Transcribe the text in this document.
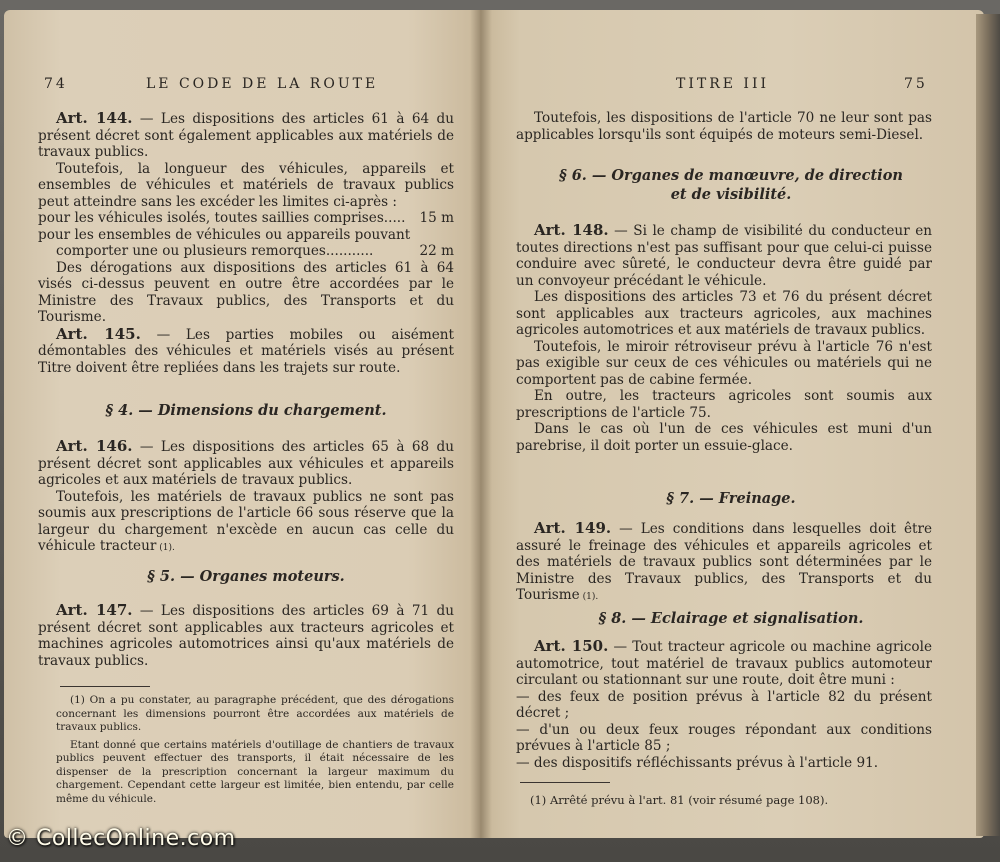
74	LE CODE DE LA ROUTE

Art. 144. — Les dispositions des articles 61 à 64 du présent décret sont également applicables aux matériels de travaux publics.

Toutefois, la longueur des véhicules, appareils et ensembles de véhicules et matériels de travaux publics peut atteindre sans les excéder les limites ci-après :

pour les véhicules isolés, toutes saillies comprises..... 15 m

pour les ensembles de véhicules ou appareils pouvant

comporter une ou plusieurs remorques...........	22 m

Des dérogations aux dispositions des articles 61 à 64 visés ci-dessus peuvent en outre être accordées par le Ministre des Travaux publics, des Transports et du Tourisme.

Art. 145. — Les parties mobiles ou aisément démontables des véhicules et matériels visés au présent Titre doivent être repliées dans les trajets sur route.

§ 4. — Dimensions du chargement.

Art. 146. — Les dispositions des articles 65 à 68 du présent décret sont applicables aux véhicules et appareils agricoles et aux matériels de travaux publics.

Toutefois, les matériels de travaux publics ne sont pas soumis aux prescriptions de l'article 66 sous réserve que la largeur du chargement n'excède en aucun cas celle du véhicule tracteur (1).

§ 5. — Organes moteurs.

Art. 147. — Les dispositions des articles 69 à 71 du présent décret sont applicables aux tracteurs agricoles et machines agricoles automotrices ainsi qu'aux matériels de travaux publics.

(1) On a pu constater, au paragraphe précédent, que des dérogations concernant les dimensions pourront être accordées aux matériels de travaux publics.

Etant donné que certains matériels d'outillage de chantiers de travaux publics peuvent effectuer des transports, il était nécessaire de les dispenser de la prescription concernant la largeur maximum du chargement. Cependant cette largeur est limitée, bien entendu, par celle même du véhicule.

TITRE III	75

Toutefois, les dispositions de l'article 70 ne leur sont pas applicables lorsqu'ils sont équipés de moteurs semi-Diesel.

§ 6. — Organes de manœuvre, de direction
et de visibilité.

Art. 148. — Si le champ de visibilité du conducteur en toutes directions n'est pas suffisant pour que celui-ci puisse conduire avec sûreté, le conducteur devra être guidé par un convoyeur précédant le véhicule.

Les dispositions des articles 73 et 76 du présent décret sont applicables aux tracteurs agricoles, aux machines agricoles automotrices et aux matériels de travaux publics.

Toutefois, le miroir rétroviseur prévu à l'article 76 n'est pas exigible sur ceux de ces véhicules ou matériels qui ne comportent pas de cabine fermée.

En outre, les tracteurs agricoles sont soumis aux prescriptions de l'article 75.

Dans le cas où l'un de ces véhicules est muni d'un parebrise, il doit porter un essuie-glace.

§ 7. — Freinage.

Art. 149. — Les conditions dans lesquelles doit être assuré le freinage des véhicules et appareils agricoles et des matériels de travaux publics sont déterminées par le Ministre des Travaux publics, des Transports et du Tourisme (1).

§ 8. — Eclairage et signalisation.

Art. 150. — Tout tracteur agricole ou machine agricole automotrice, tout matériel de travaux publics automoteur circulant ou stationnant sur une route, doit être muni :

— des feux de position prévus à l'article 82 du présent décret ;

— d'un ou deux feux rouges répondant aux conditions prévues à l'article 85 ;

— des dispositifs réfléchissants prévus à l'article 91.

(1) Arrêté prévu à l'art. 81 (voir résumé page 108).
© CollecOnline.com
